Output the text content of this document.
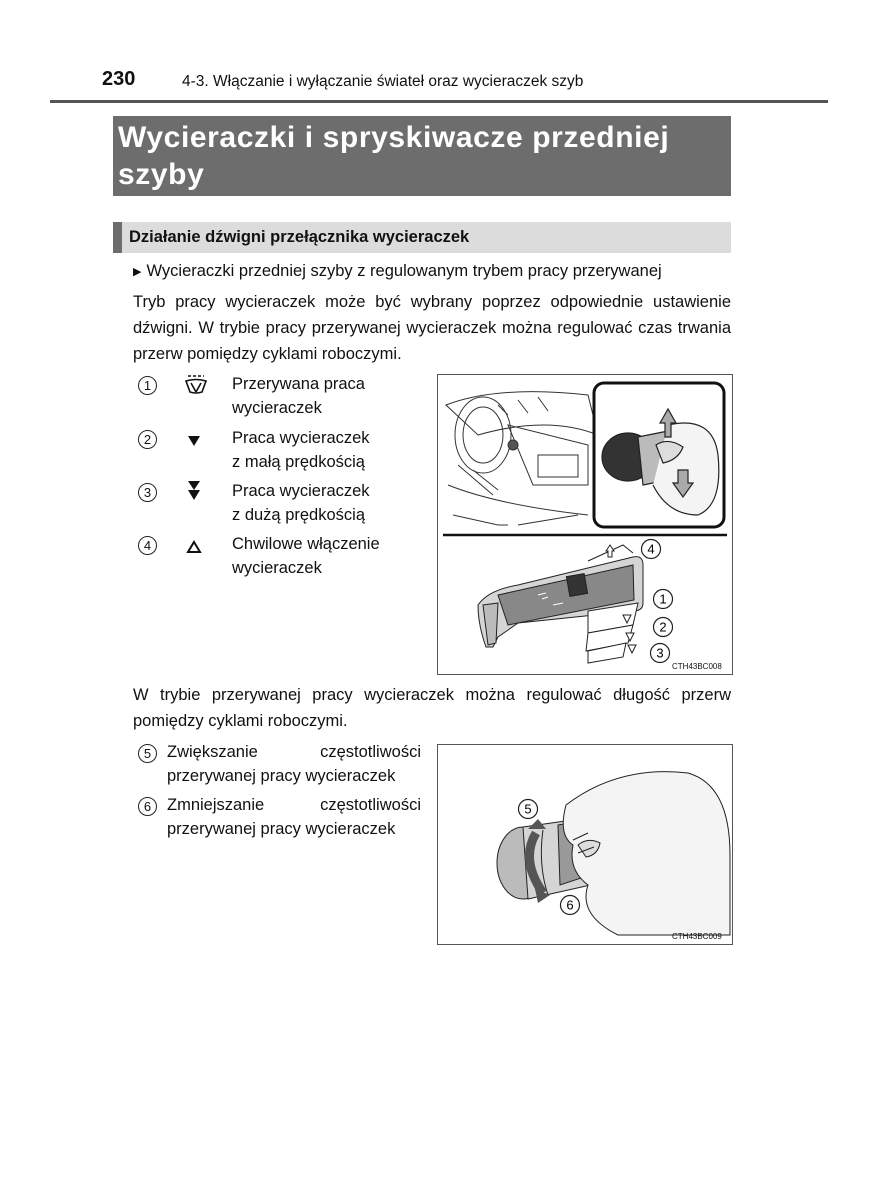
230	4-3. Włączanie i wyłączanie świateł oraz wycieraczek szyb
Wycieraczki i spryskiwacze przedniej
szyby
Działanie dźwigni przełącznika wycieraczek
▶ Wycieraczki przedniej szyby z regulowanym trybem pracy przerywanej
Tryb pracy wycieraczek może być wybrany poprzez odpowiednie ustawienie dźwigni. W trybie pracy przerywanej wycieraczek można regulować czas trwania przerw pomiędzy cyklami roboczymi.
1	Przerywana praca
wycieraczek
2	Praca wycieraczek
z małą prędkością
3	Praca wycieraczek
z dużą prędkością
4	Chwilowe włączenie
wycieraczek
4
1
2
3
CTH43BC008
W trybie przerywanej pracy wycieraczek można regulować długość przerw pomiędzy cyklami roboczymi.
5 Zwiększanie	częstotliwości
przerywanej pracy wycieraczek
6 Zmniejszanie	częstotliwości
przerywanej pracy wycieraczek
5
6
CTH43BC009
